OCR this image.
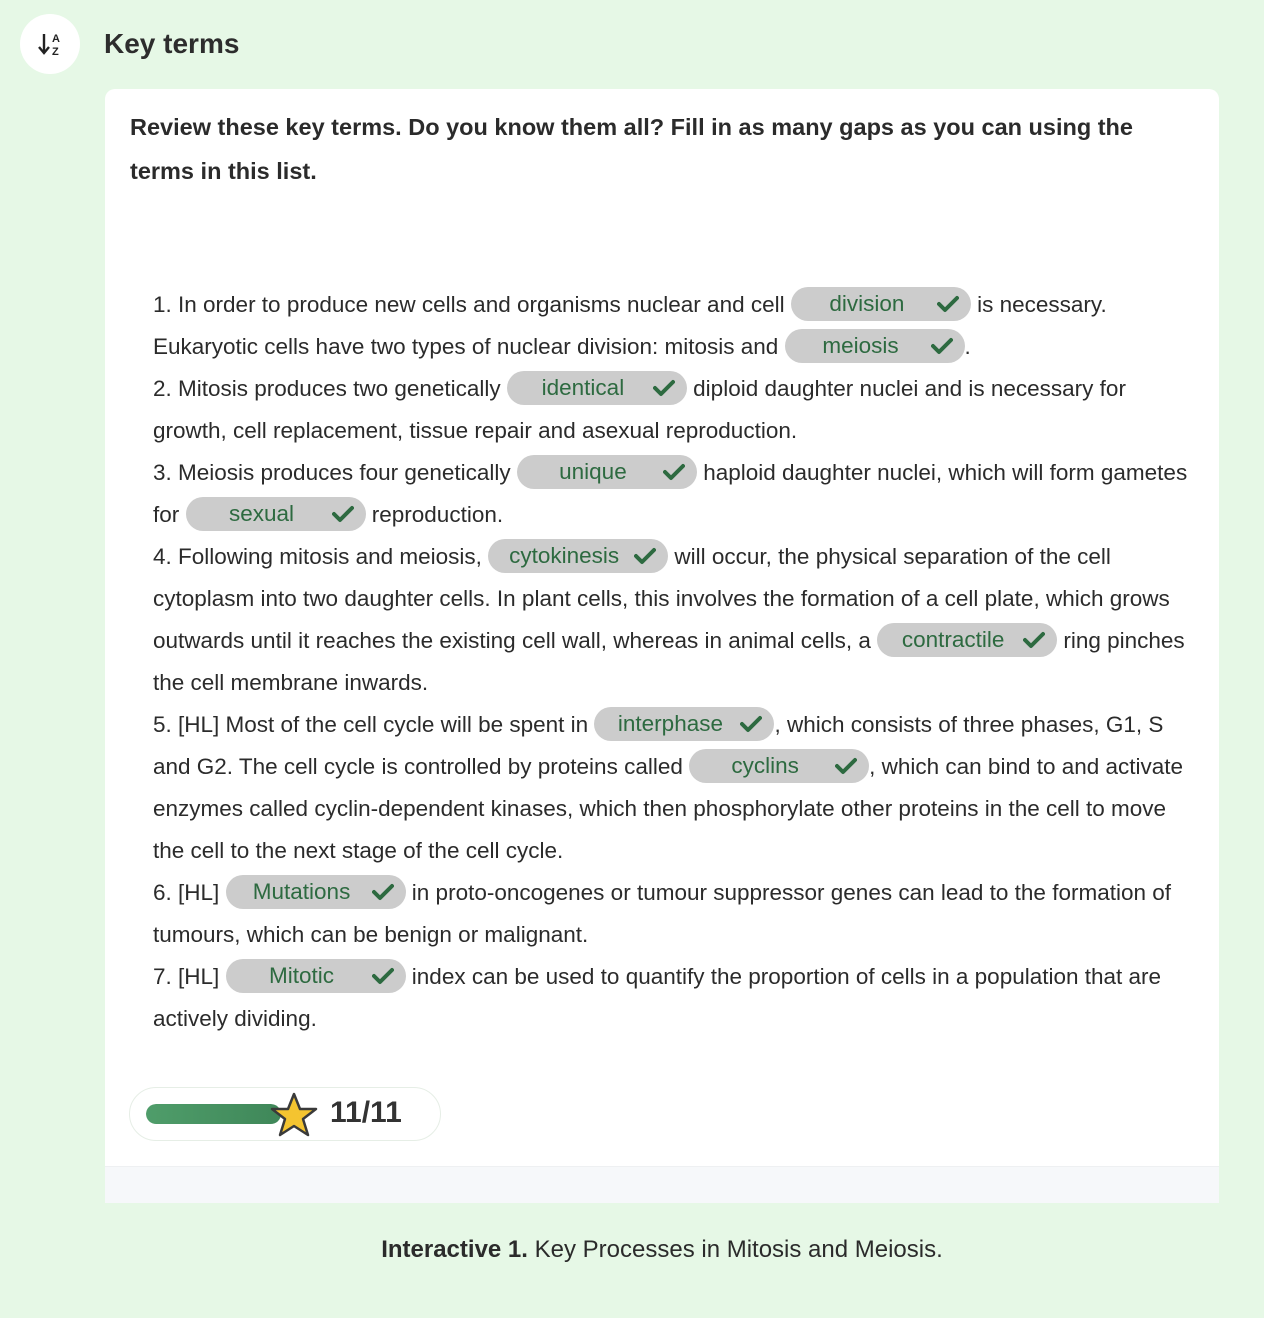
A
Z Key terms

Review these key terms. Do you know them all? Fill in as many gaps as you can using the terms in this list.

1. In order to produce new cells and organisms nuclear and cell	division	is necessary. Eukaryotic cells have two types of nuclear division: mitosis and	meiosis	.
2. Mitosis produces two genetically	identical	diploid daughter nuclei and is necessary for growth, cell replacement, tissue repair and asexual reproduction.
3. Meiosis produces four genetically	unique	haploid daughter nuclei, which will form gametes for	sexual	reproduction.
4. Following mitosis and meiosis, cytokinesis	will occur, the physical separation of the cell cytoplasm into two daughter cells. In plant cells, this involves the formation of a cell plate, which grows outwards until it reaches the existing cell wall, whereas in animal cells, a	contractile	ring pinches the cell membrane inwards.
5. [HL] Most of the cell cycle will be spent in	interphase	, which consists of three phases, G1, S and G2. The cell cycle is controlled by proteins called	cyclins	, which can bind to and activate enzymes called cyclin-dependent kinases, which then phosphorylate other proteins in the cell to move the cell to the next stage of the cell cycle.
6. [HL]	Mutations	in proto-oncogenes or tumour suppressor genes can lead to the formation of tumours, which can be benign or malignant.
7. [HL]	Mitotic	index can be used to quantify the proportion of cells in a population that are actively dividing.
11/11
Interactive 1. Key Processes in Mitosis and Meiosis.
